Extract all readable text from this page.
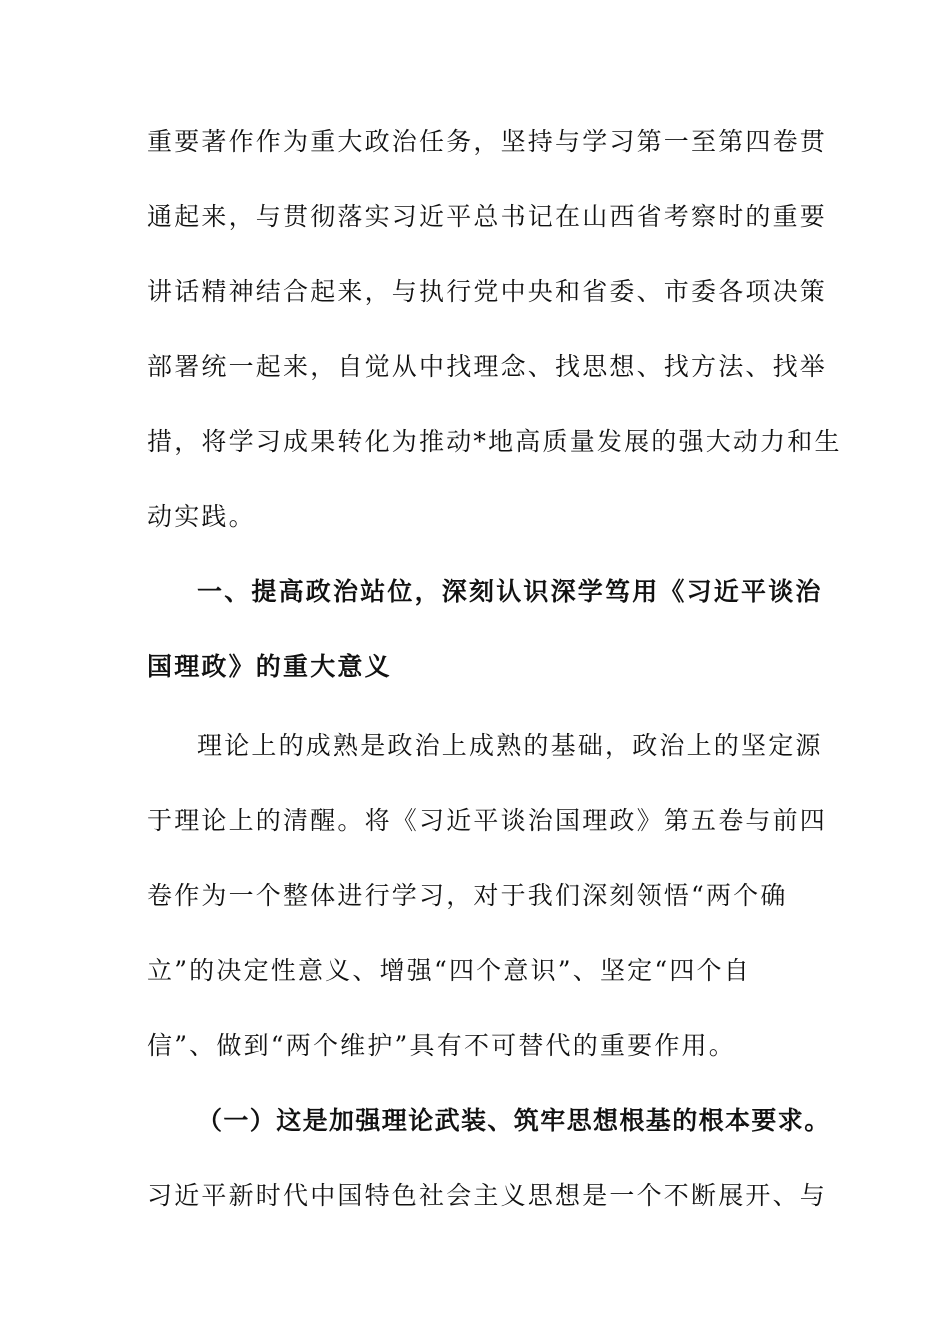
重要著作作为重大政治任务，坚持与学习第一至第四卷贯
通起来，与贯彻落实习近平总书记在山西省考察时的重要
讲话精神结合起来，与执行党中央和省委、市委各项决策
部署统一起来，自觉从中找理念、找思想、找方法、找举
措，将学习成果转化为推动*地高质量发展的强大动力和生
动实践。
一、提高政治站位，深刻认识深学笃用《习近平谈治
国理政》的重大意义
理论上的成熟是政治上成熟的基础，政治上的坚定源
于理论上的清醒。将《习近平谈治国理政》第五卷与前四
卷作为一个整体进行学习，对于我们深刻领悟“两个确
立”的决定性意义、增强“四个意识”、坚定“四个自
信”、做到“两个维护”具有不可替代的重要作用。
（一）这是加强理论武装、筑牢思想根基的根本要求。
习近平新时代中国特色社会主义思想是一个不断展开、与
